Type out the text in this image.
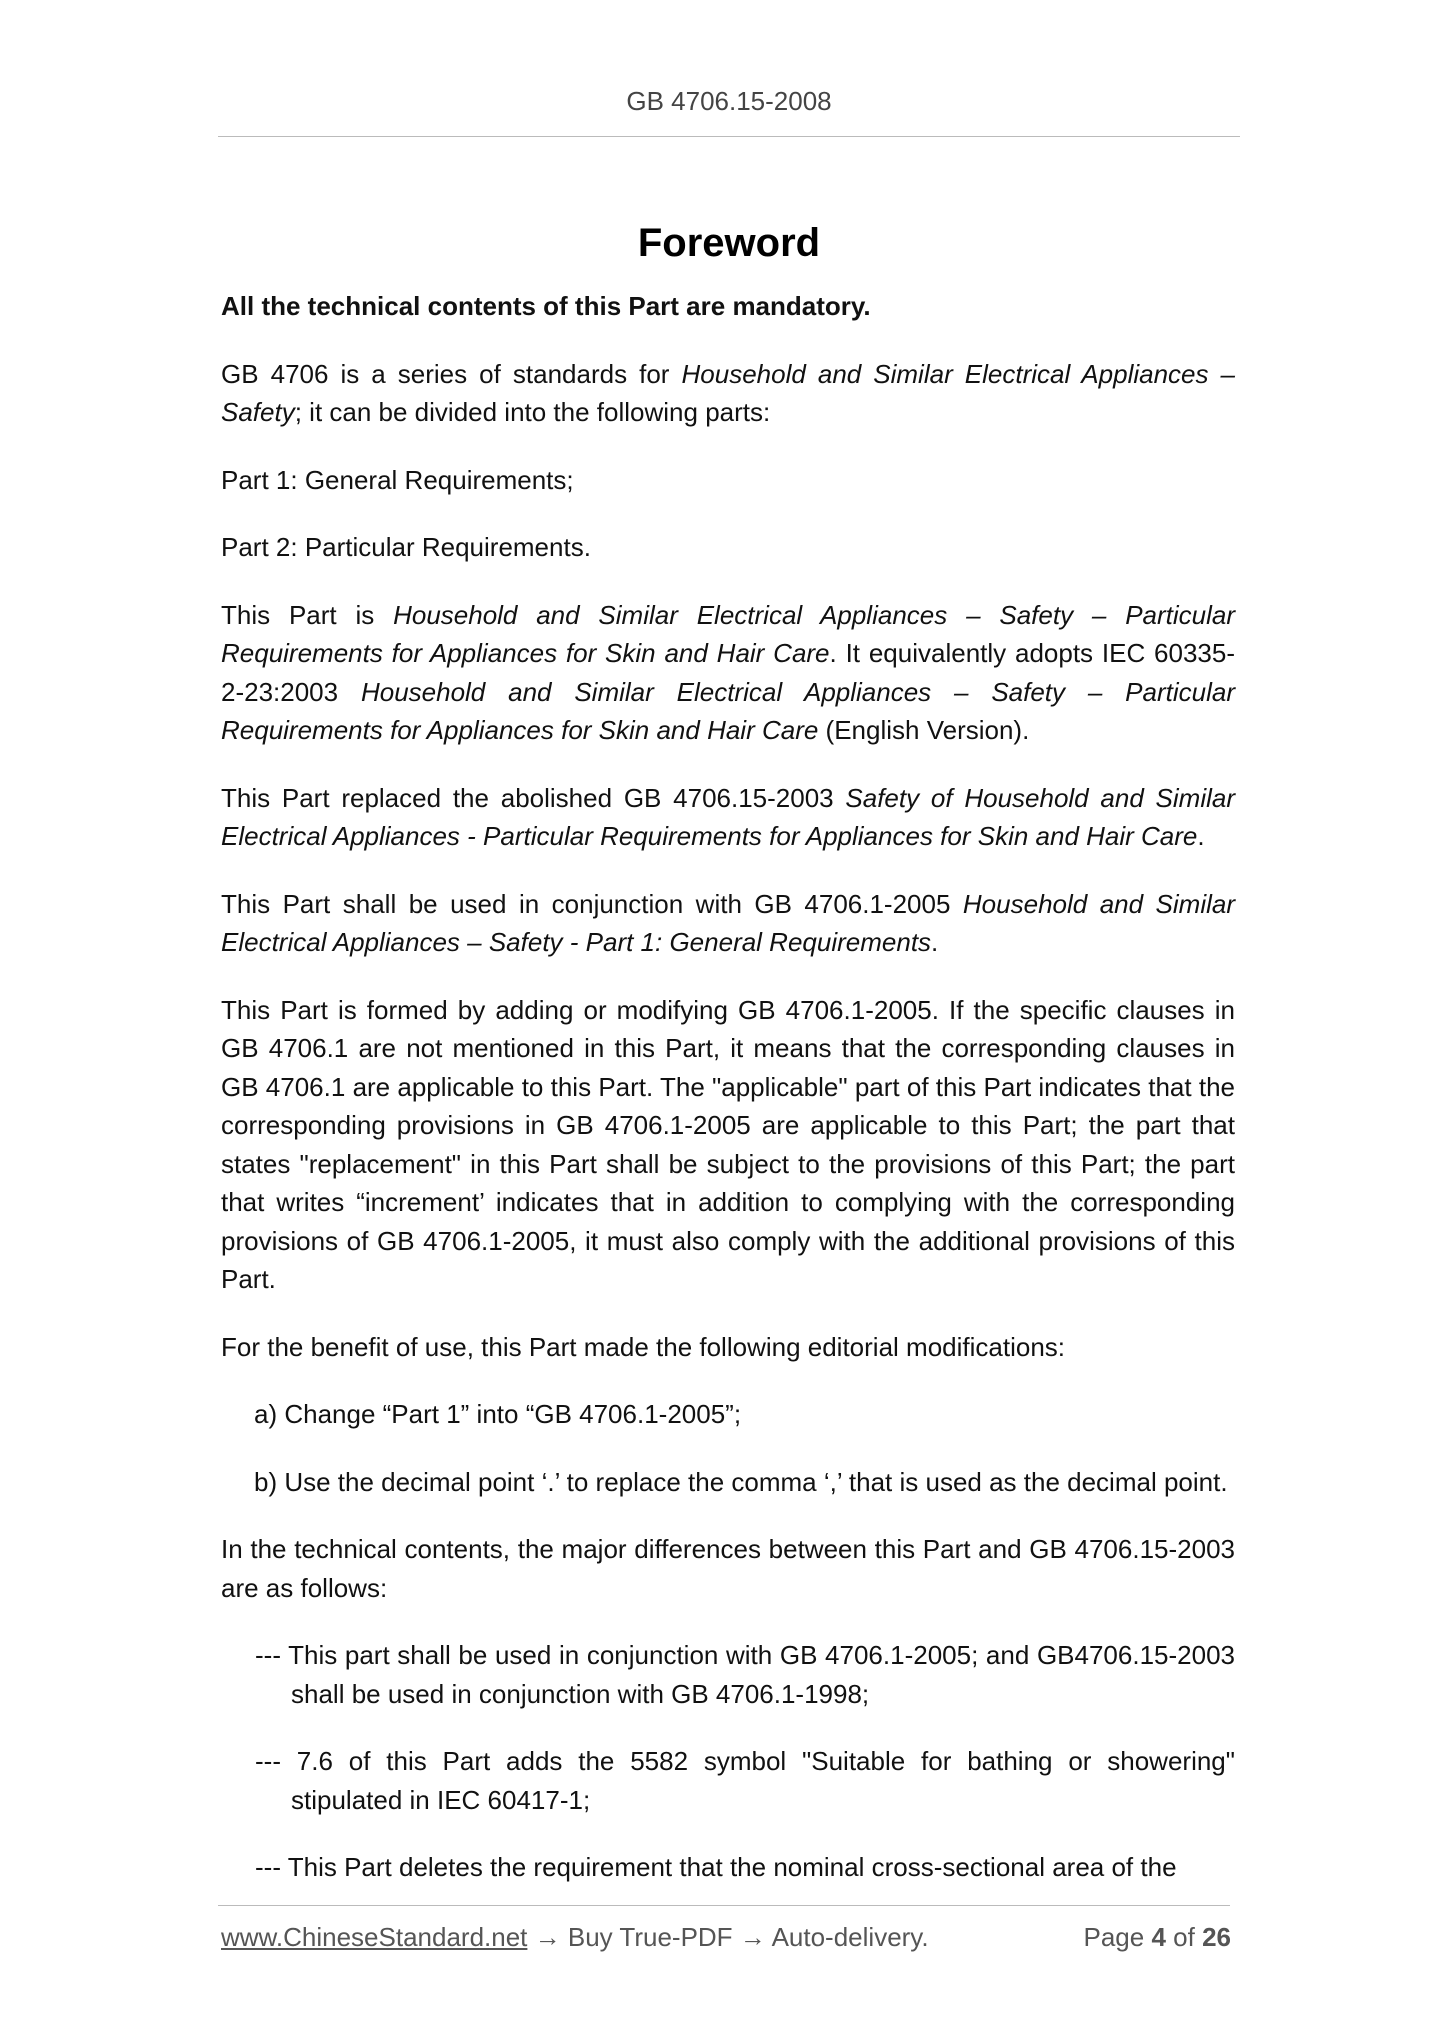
GB 4706.15-2008
Foreword

All the technical contents of this Part are mandatory.

GB 4706 is a series of standards for Household and Similar Electrical Appliances – Safety; it can be divided into the following parts:

Part 1: General Requirements;

Part 2: Particular Requirements.

This Part is Household and Similar Electrical Appliances – Safety – Particular Requirements for Appliances for Skin and Hair Care. It equivalently adopts IEC 60335-2-23:2003 Household and Similar Electrical Appliances – Safety – Particular Requirements for Appliances for Skin and Hair Care (English Version).

This Part replaced the abolished GB 4706.15-2003 Safety of Household and Similar Electrical Appliances - Particular Requirements for Appliances for Skin and Hair Care.

This Part shall be used in conjunction with GB 4706.1-2005 Household and Similar Electrical Appliances – Safety - Part 1: General Requirements.

This Part is formed by adding or modifying GB 4706.1-2005. If the specific clauses in GB 4706.1 are not mentioned in this Part, it means that the corresponding clauses in GB 4706.1 are applicable to this Part. The "applicable" part of this Part indicates that the corresponding provisions in GB 4706.1-2005 are applicable to this Part; the part that states "replacement" in this Part shall be subject to the provisions of this Part; the part that writes “increment’ indicates that in addition to complying with the corresponding provisions of GB 4706.1-2005, it must also comply with the additional provisions of this Part.

For the benefit of use, this Part made the following editorial modifications:

a) Change “Part 1” into “GB 4706.1-2005”;

b) Use the decimal point ‘.’ to replace the comma ‘,’ that is used as the decimal point.

In the technical contents, the major differences between this Part and GB 4706.15-2003 are as follows:

--- This part shall be used in conjunction with GB 4706.1-2005; and GB4706.15-2003 shall be used in conjunction with GB 4706.1-1998;

--- 7.6 of this Part adds the 5582 symbol "Suitable for bathing or showering" stipulated in IEC 60417-1;

--- This Part deletes the requirement that the nominal cross-sectional area of the

www.ChineseStandard.net → Buy True-PDF → Auto-delivery.	Page 4 of 26
